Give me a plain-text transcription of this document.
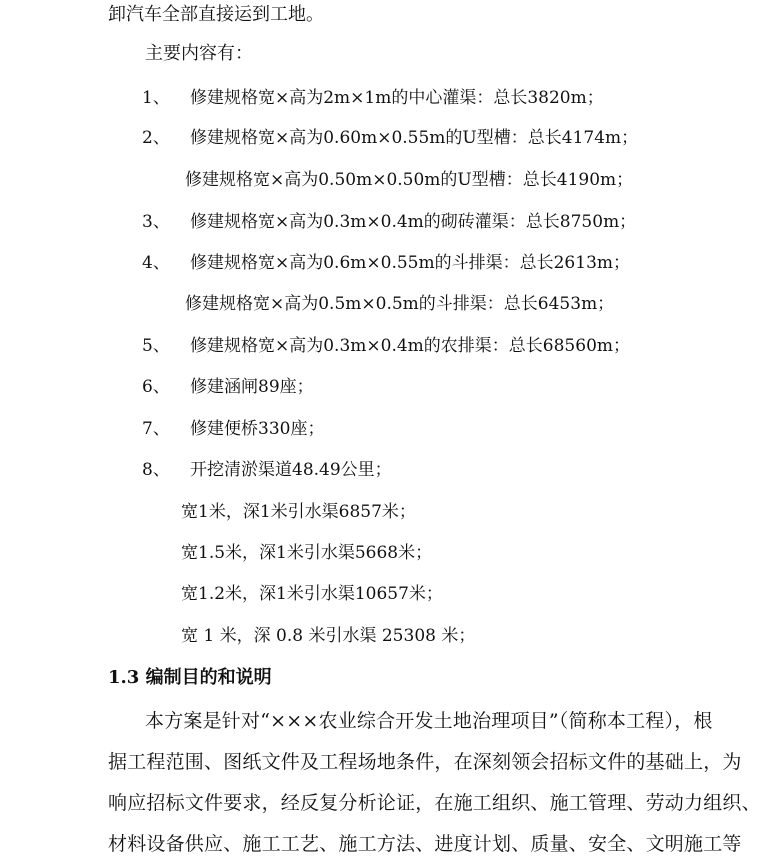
卸汽车全部直接运到工地。
主要内容有：
1、 修建规格宽×高为2m×1m的中心灌渠：总长3820m；
2、 修建规格宽×高为0.60m×0.55m的U型槽：总长4174m；
修建规格宽×高为0.50m×0.50m的U型槽：总长4190m；
3、 修建规格宽×高为0.3m×0.4m的砌砖灌渠：总长8750m；
4、 修建规格宽×高为0.6m×0.55m的斗排渠：总长2613m；
修建规格宽×高为0.5m×0.5m的斗排渠：总长6453m；
5、 修建规格宽×高为0.3m×0.4m的农排渠：总长68560m；
6、 修建涵闸89座；
7、 修建便桥330座；
8、 开挖清淤渠道48.49公里；
宽1米，深1米引水渠6857米；
宽1.5米，深1米引水渠5668米；
宽1.2米，深1米引水渠10657米；
宽 1 米，深 0.8 米引水渠 25308 米；
1.3 编制目的和说明
本方案是针对“×××农业综合开发土地治理项目”（简称本工程），根
据工程范围、图纸文件及工程场地条件，在深刻领会招标文件的基础上，为
响应招标文件要求，经反复分析论证，在施工组织、施工管理、劳动力组织、
材料设备供应、施工工艺、施工方法、进度计划、质量、安全、文明施工等
